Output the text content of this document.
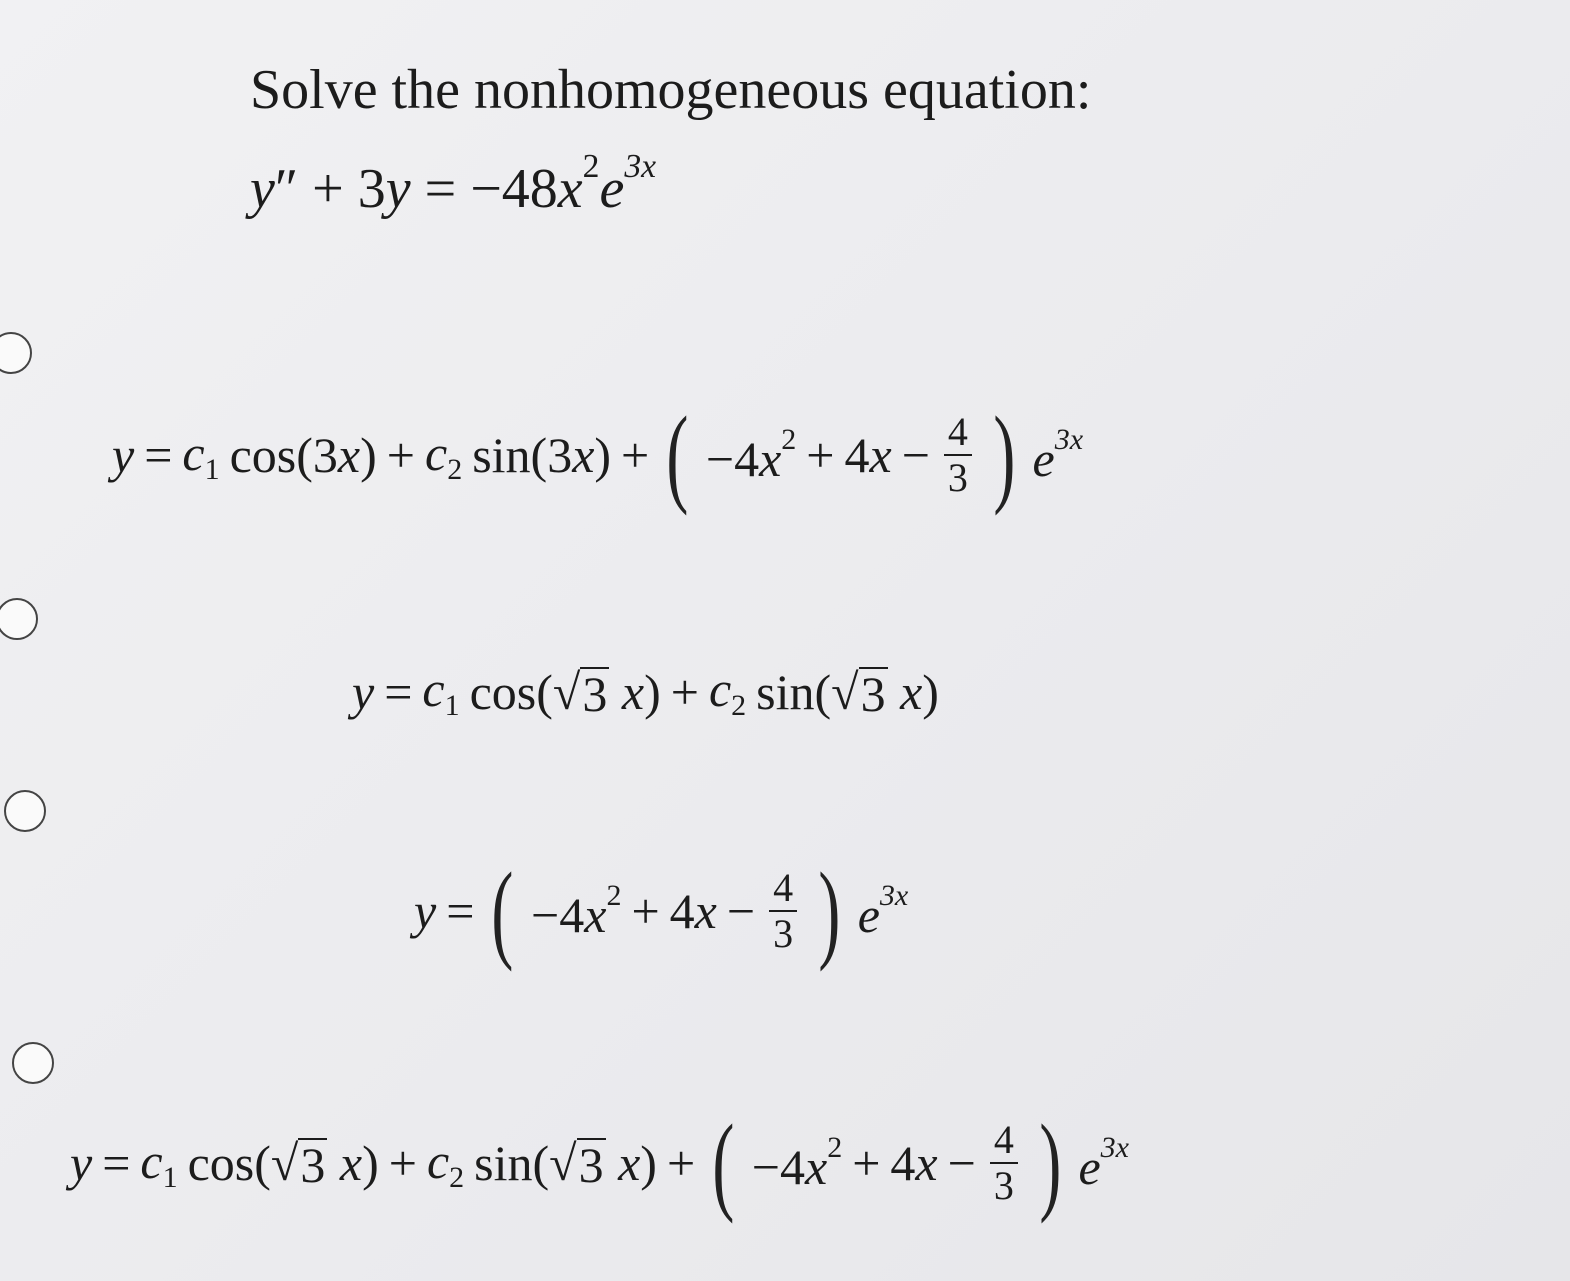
Solve the nonhomogeneous equation:
$y'' + 3y = -48x^2e^{3x}$
$y = c_1$ $\cos(3x) + c_2$ sin(3x) + ( $-4x^2 + 4x - \frac{4}{3}$ ) $e^{3x}$
$y = c_1$ cos(√ 3 $x) + c_2$ sin(√ 3 x)
y = ( $-4x^2 + 4x - \frac{4}{3}$ ) $e^{3x}$
$y = c_1$ cos(√ 3 $x) + c_2$ sin(√ 3 x) + ( $-4x^2 + 4x - \frac{4}{3}$ ) $e^{3x}$
